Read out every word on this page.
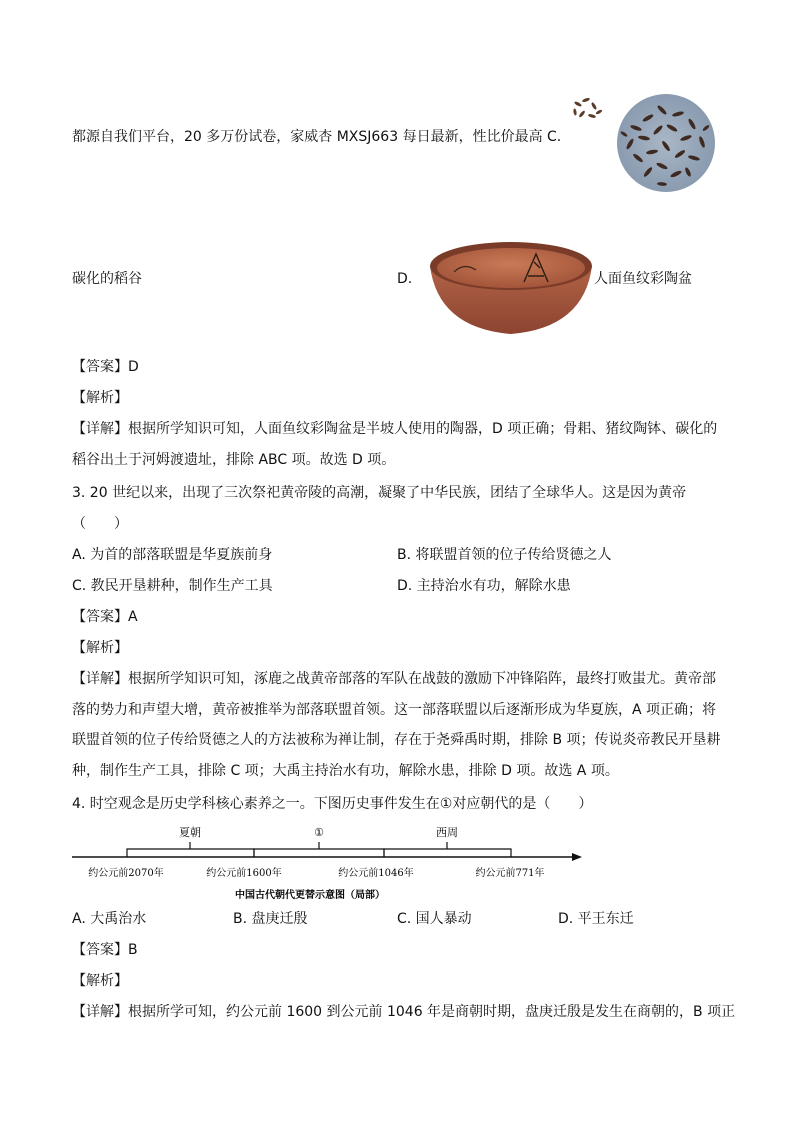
都源自我们平台，20 多万份试卷，家威杏 MXSJ663 每日最新，性比价最高 C.
碳化的稻谷	D.	人面鱼纹彩陶盆
【答案】D
【解析】
【详解】根据所学知识可知，人面鱼纹彩陶盆是半坡人使用的陶器，D 项正确；骨耜、猪纹陶钵、碳化的稻谷出土于河姆渡遗址，排除 ABC 项。故选 D 项。
3. 20 世纪以来，出现了三次祭祀黄帝陵的高潮，凝聚了中华民族，团结了全球华人。这是因为黄帝
（　　）
A. 为首的部落联盟是华夏族前身	B. 将联盟首领的位子传给贤德之人
C. 教民开垦耕种，制作生产工具	D. 主持治水有功，解除水患
【答案】A
【解析】
【详解】根据所学知识可知，涿鹿之战黄帝部落的军队在战鼓的激励下冲锋陷阵，最终打败蚩尤。黄帝部落的势力和声望大增，黄帝被推举为部落联盟首领。这一部落联盟以后逐渐形成为华夏族，A 项正确；将联盟首领的位子传给贤德之人的方法被称为禅让制，存在于尧舜禹时期，排除 B 项；传说炎帝教民开垦耕种，制作生产工具，排除 C 项；大禹主持治水有功，解除水患，排除 D 项。故选 A 项。
4. 时空观念是历史学科核心素养之一。下图历史事件发生在①对应朝代的是（　　）
夏朝	①	西周
约公元前2070年	约公元前1600年	约公元前1046年	约公元前771年
中国古代朝代更替示意图（局部）
A. 大禹治水	B. 盘庚迁殷	C. 国人暴动	D. 平王东迁
【答案】B
【解析】
【详解】根据所学可知，约公元前 1600 到公元前 1046 年是商朝时期，盘庚迁殷是发生在商朝的，B 项正
